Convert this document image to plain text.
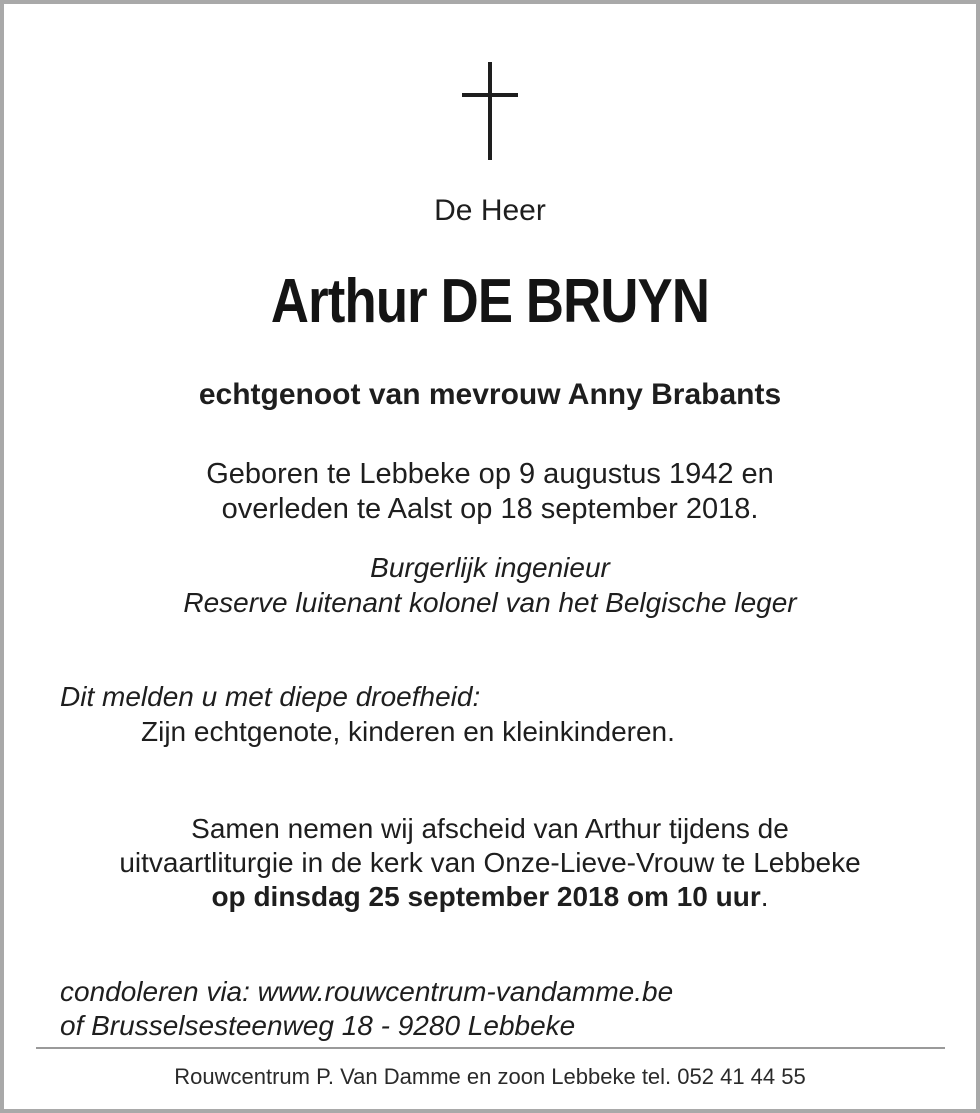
De Heer
Arthur DE BRUYN
echtgenoot van mevrouw Anny Brabants
Geboren te Lebbeke op 9 augustus 1942 en
overleden te Aalst op 18 september 2018.
Burgerlijk ingenieur
Reserve luitenant kolonel van het Belgische leger
Dit melden u met diepe droefheid:
Zijn echtgenote, kinderen en kleinkinderen.
Samen nemen wij afscheid van Arthur tijdens de
uitvaartliturgie in de kerk van Onze-Lieve-Vrouw te Lebbeke
op dinsdag 25 september 2018 om 10 uur.
condoleren via: www.rouwcentrum-vandamme.be
of Brusselsesteenweg 18 - 9280 Lebbeke
Rouwcentrum P. Van Damme en zoon Lebbeke tel. 052 41 44 55
